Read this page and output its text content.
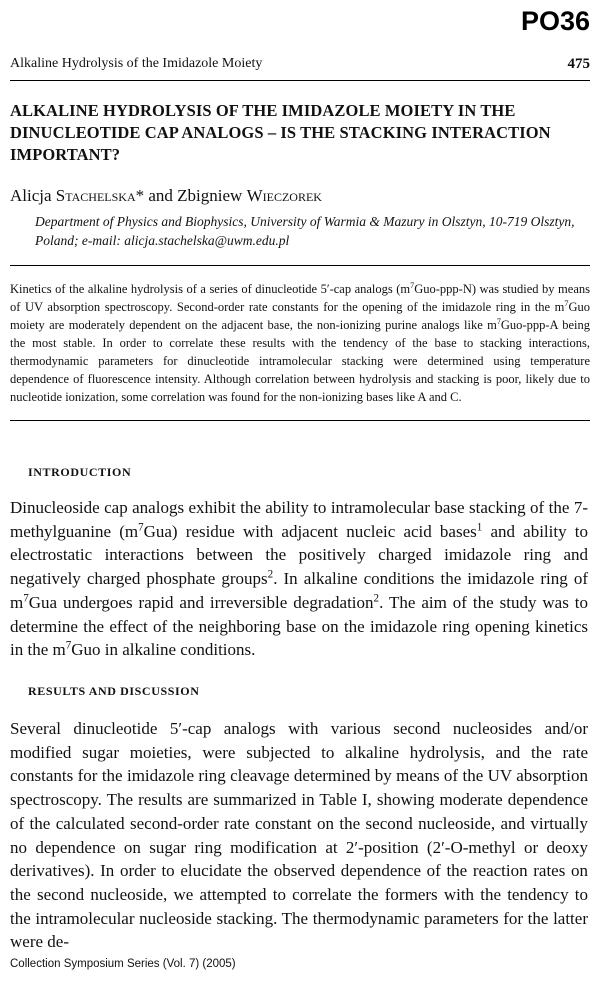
PO36
Alkaline Hydrolysis of the Imidazole Moiety	475
ALKALINE HYDROLYSIS OF THE IMIDAZOLE MOIETY IN THE DINUCLEOTIDE CAP ANALOGS – IS THE STACKING INTERACTION IMPORTANT?
Alicja Stachelska* and Zbigniew Wieczorek
Department of Physics and Biophysics, University of Warmia & Mazury in Olsztyn, 10-719 Olsztyn, Poland; e-mail: alicja.stachelska@uwm.edu.pl
Kinetics of the alkaline hydrolysis of a series of dinucleotide 5′-cap analogs $(m^7Guo-ppp-N)$ was studied by means of UV absorption spectroscopy. Second-order rate constants for the opening of the imidazole ring in the $m^7Guo$ moiety are moderately dependent on the adjacent base, the non-ionizing purine analogs like $m^7Guo-ppp-A$ being the most stable. In order to correlate these results with the tendency of the base to stacking interactions, thermodynamic parameters for dinucleotide intramolecular stacking were determined using temperature dependence of fluorescence intensity. Although correlation between hydrolysis and stacking is poor, likely due to nucleotide ionization, some correlation was found for the non-ionizing bases like A and C.
INTRODUCTION
Dinucleoside cap analogs exhibit the ability to intramolecular base stacking of the 7-methylguanine $(m^7Gua)$ residue with adjacent nucleic acid bases$^1$ and ability to electrostatic interactions between the positively charged imidazole ring and negatively charged phosphate groups$^2$. In alkaline conditions the imidazole ring of $m^7Gua$ undergoes rapid and irreversible degradation$^2$. The aim of the study was to determine the effect of the neighboring base on the imidazole ring opening kinetics in the $m^7Guo$ in alkaline conditions.
RESULTS AND DISCUSSION
Several dinucleotide 5′-cap analogs with various second nucleosides and/or modified sugar moieties, were subjected to alkaline hydrolysis, and the rate constants for the imidazole ring cleavage determined by means of the UV absorption spectroscopy. The results are summarized in Table I, showing moderate dependence of the calculated second-order rate constant on the second nucleoside, and virtually no dependence on sugar ring modification at 2′-position (2′-O-methyl or deoxy derivatives). In order to elucidate the observed dependence of the reaction rates on the second nucleoside, we attempted to correlate the formers with the tendency to the intramolecular nucleoside stacking. The thermodynamic parameters for the latter were de-
Collection Symposium Series (Vol. 7) (2005)
